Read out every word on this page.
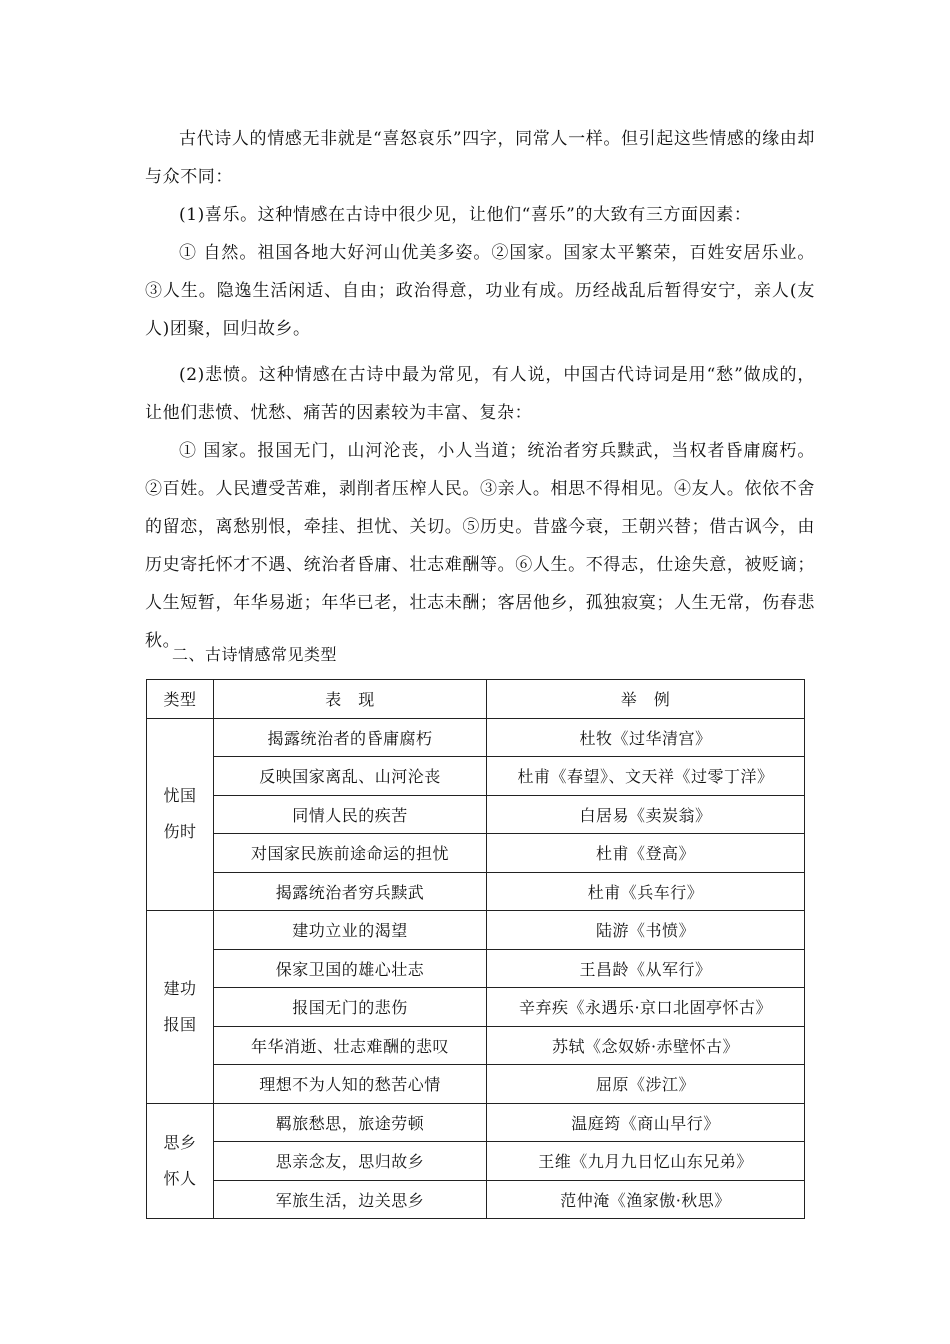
古代诗人的情感无非就是“喜怒哀乐”四字，同常人一样。但引起这些情感的缘由却与众不同：

(1)喜乐。这种情感在古诗中很少见，让他们“喜乐”的大致有三方面因素：

① 自然。祖国各地大好河山优美多姿。②国家。国家太平繁荣，百姓安居乐业。③人生。隐逸生活闲适、自由；政治得意，功业有成。历经战乱后暂得安宁，亲人(友人)团聚，回归故乡。

(2)悲愤。这种情感在古诗中最为常见，有人说，中国古代诗词是用“愁”做成的，让他们悲愤、忧愁、痛苦的因素较为丰富、复杂：

① 国家。报国无门，山河沦丧，小人当道；统治者穷兵黩武，当权者昏庸腐朽。②百姓。人民遭受苦难，剥削者压榨人民。③亲人。相思不得相见。④友人。依依不舍的留恋，离愁别恨，牵挂、担忧、关切。⑤历史。昔盛今衰，王朝兴替；借古讽今，由历史寄托怀才不遇、统治者昏庸、壮志难酬等。⑥人生。不得志，仕途失意，被贬谪；人生短暂，年华易逝；年华已老，壮志未酬；客居他乡，孤独寂寞；人生无常，伤春悲秋。

二、古诗情感常见类型
类型	表　现	举　例

忧国
伤时	揭露统治者的昏庸腐朽	杜牧《过华清宫》
	反映国家离乱、山河沦丧	杜甫《春望》、文天祥《过零丁洋》
	同情人民的疾苦	白居易《卖炭翁》
	对国家民族前途命运的担忧	杜甫《登高》
	揭露统治者穷兵黩武	杜甫《兵车行》

建功
报国	建功立业的渴望	陆游《书愤》
	保家卫国的雄心壮志	王昌龄《从军行》
	报国无门的悲伤	辛弃疾《永遇乐·京口北固亭怀古》
	年华消逝、壮志难酬的悲叹	苏轼《念奴娇·赤壁怀古》
	理想不为人知的愁苦心情	屈原《涉江》

思乡
怀人	羁旅愁思，旅途劳顿	温庭筠《商山早行》
	思亲念友，思归故乡	王维《九月九日忆山东兄弟》
	军旅生活，边关思乡	范仲淹《渔家傲·秋思》
